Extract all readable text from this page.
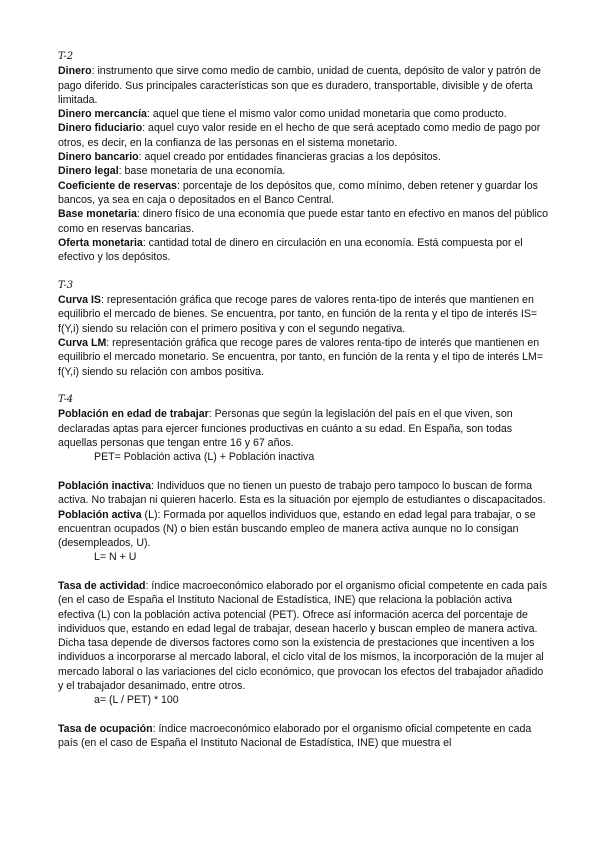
T-2

Dinero: instrumento que sirve como medio de cambio, unidad de cuenta, depósito de valor y patrón de pago diferido. Sus principales características son que es duradero, transportable, divisible y de oferta limitada.

Dinero mercancía: aquel que tiene el mismo valor como unidad monetaria que como producto.

Dinero fiduciario: aquel cuyo valor reside en el hecho de que será aceptado como medio de pago por otros, es decir, en la confianza de las personas en el sistema monetario.

Dinero bancario: aquel creado por entidades financieras gracias a los depósitos.

Dinero legal: base monetaria de una economía.

Coeficiente de reservas: porcentaje de los depósitos que, como mínimo, deben retener y guardar los bancos, ya sea en caja o depositados en el Banco Central.

Base monetaria: dinero físico de una economía que puede estar tanto en efectivo en manos del público como en reservas bancarias.

Oferta monetaria: cantidad total de dinero en circulación en una economía. Está compuesta por el efectivo y los depósitos.

T-3

Curva IS: representación gráfica que recoge pares de valores renta-tipo de interés que mantienen en equilibrio el mercado de bienes. Se encuentra, por tanto, en función de la renta y el tipo de interés IS= f(Y,i) siendo su relación con el primero positiva y con el segundo negativa.

Curva LM: representación gráfica que recoge pares de valores renta-tipo de interés que mantienen en equilibrio el mercado monetario. Se encuentra, por tanto, en función de la renta y el tipo de interés LM= f(Y,i) siendo su relación con ambos positiva.

T-4

Población en edad de trabajar: Personas que según la legislación del país en el que viven, son declaradas aptas para ejercer funciones productivas en cuánto a su edad. En España, son todas aquellas personas que tengan entre 16 y 67 años.

PET= Población activa (L) + Población inactiva

Población inactiva: Individuos que no tienen un puesto de trabajo pero tampoco lo buscan de forma activa. No trabajan ni quieren hacerlo. Esta es la situación por ejemplo de estudiantes o discapacitados.

Población activa (L): Formada por aquellos individuos que, estando en edad legal para trabajar, o se encuentran ocupados (N) o bien están buscando empleo de manera activa aunque no lo consigan (desempleados, U).

L= N + U

Tasa de actividad: índice macroeconómico elaborado por el organismo oficial competente en cada país (en el caso de España el Instituto Nacional de Estadística, INE) que relaciona la población activa efectiva (L) con la población activa potencial (PET). Ofrece así información acerca del porcentaje de individuos que, estando en edad legal de trabajar, desean hacerlo y buscan empleo de manera activa. Dicha tasa depende de diversos factores como son la existencia de prestaciones que incentiven a los individuos a incorporarse al mercado laboral, el ciclo vital de los mismos, la incorporación de la mujer al mercado laboral o las variaciones del ciclo económico, que provocan los efectos del trabajador añadido y el trabajador desanimado, entre otros.

a= (L / PET) * 100

Tasa de ocupación: índice macroeconómico elaborado por el organismo oficial competente en cada país (en el caso de España el Instituto Nacional de Estadística, INE) que muestra el
